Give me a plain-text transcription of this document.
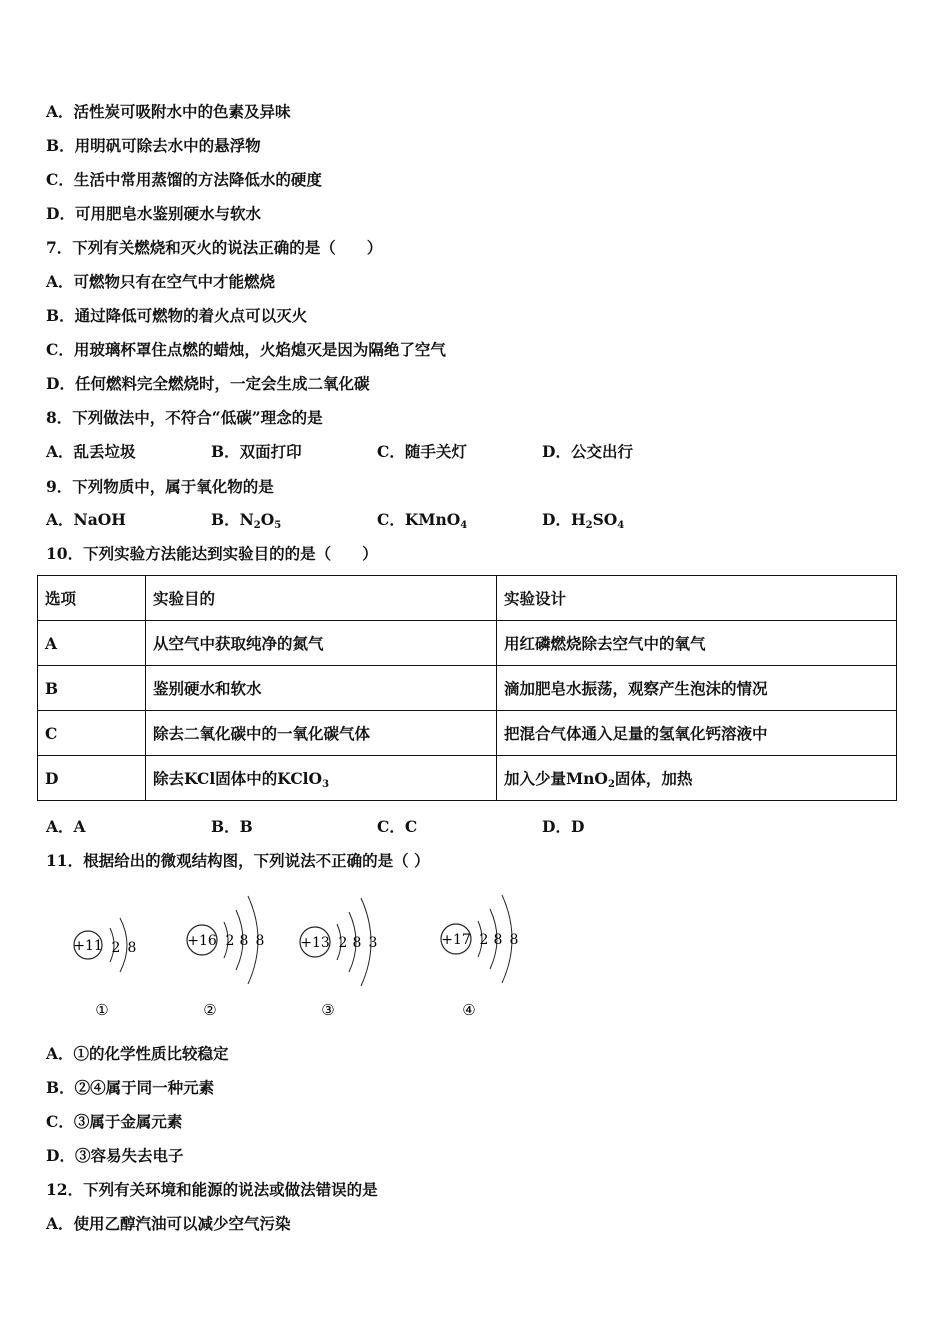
A．活性炭可吸附水中的色素及异味
B．用明矾可除去水中的悬浮物
C．生活中常用蒸馏的方法降低水的硬度
D．可用肥皂水鉴别硬水与软水
7．下列有关燃烧和灭火的说法正确的是（　　）
A．可燃物只有在空气中才能燃烧
B．通过降低可燃物的着火点可以灭火
C．用玻璃杯罩住点燃的蜡烛，火焰熄灭是因为隔绝了空气
D．任何燃料完全燃烧时，一定会生成二氧化碳
8．下列做法中，不符合“低碳”理念的是
A．乱丢垃圾	B．双面打印	C．随手关灯	D．公交出行
9．下列物质中，属于氧化物的是
A．NaOH	B．$N_2O_5$	C．KMnO$_4$	D．$H_2SO_4$
10．下列实验方法能达到实验目的的是（　　）
选项	实验目的	实验设计
A	从空气中获取纯净的氮气	用红磷燃烧除去空气中的氧气
B	鉴别硬水和软水	滴加肥皂水振荡，观察产生泡沫的情况
C	除去二氧化碳中的一氧化碳气体	把混合气体通入足量的氢氧化钙溶液中
D	除去KCl固体中的KClO$_3$	加入少量MnO$_2$固体，加热
A．A	B．B	C．C	D．D
11．根据给出的微观结构图，下列说法不正确的是（ ）
+11 2 8
①
+16 2 8 8
②
+13 2 8 3
③
+17 2 8 8
④
A．①的化学性质比较稳定
B．②④属于同一种元素
C．③属于金属元素
D．③容易失去电子
12．下列有关环境和能源的说法或做法错误的是
A．使用乙醇汽油可以减少空气污染
